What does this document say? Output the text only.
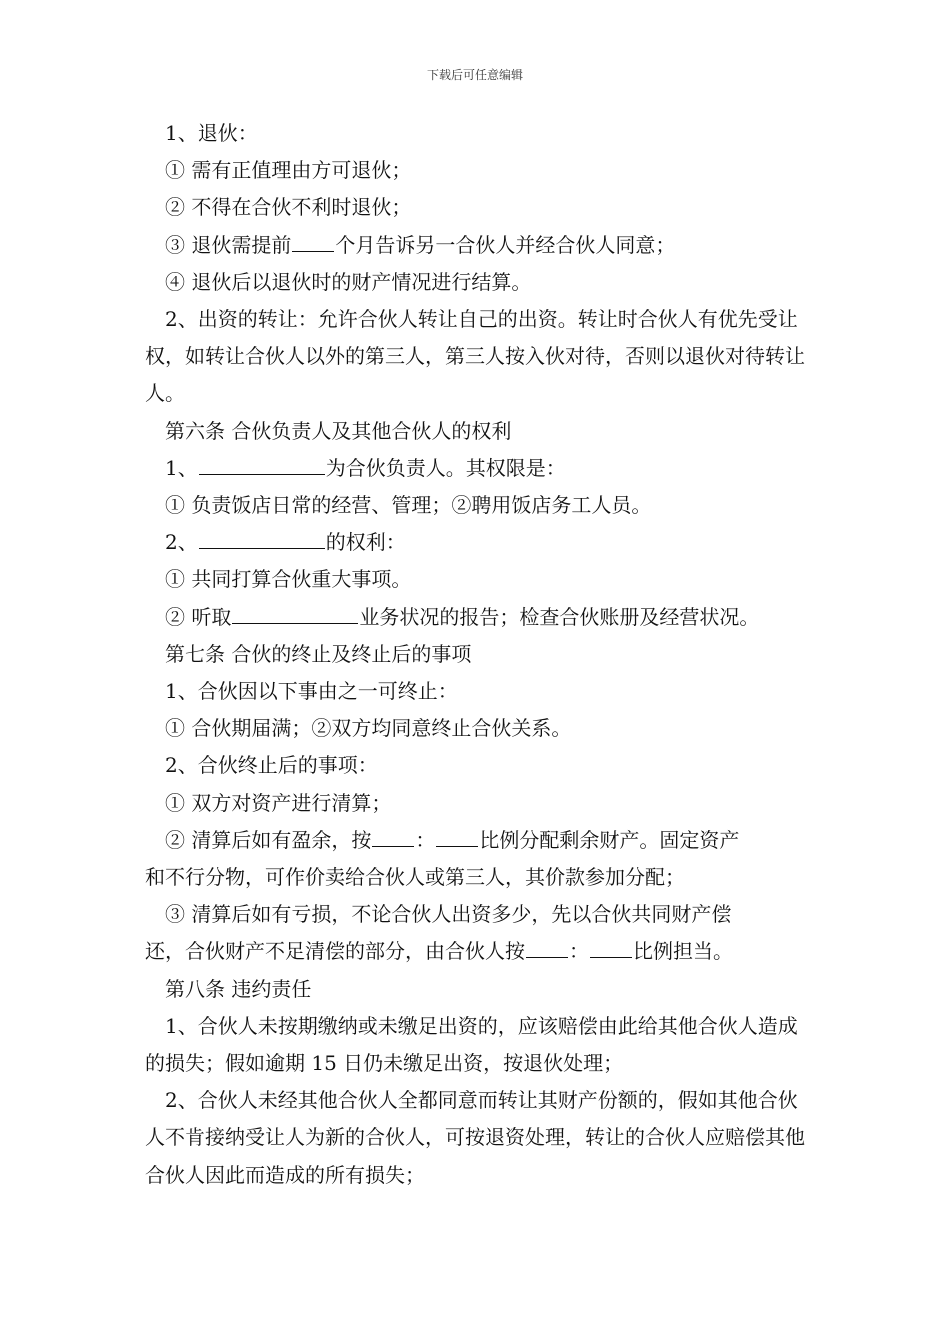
下载后可任意编辑

1、退伙：

① 需有正值理由方可退伙；

② 不得在合伙不利时退伙；

③ 退伙需提前 个月告诉另一合伙人并经合伙人同意；

④ 退伙后以退伙时的财产情况进行结算。

2、出资的转让：允许合伙人转让自己的出资。转让时合伙人有优先受让权，如转让合伙人以外的第三人，第三人按入伙对待，否则以退伙对待转让人。

第六条 合伙负责人及其他合伙人的权利

1、	为合伙负责人。其权限是：

① 负责饭店日常的经营、管理；②聘用饭店务工人员。

2、	的权利：

① 共同打算合伙重大事项。

② 听取	业务状况的报告；检查合伙账册及经营状况。

第七条 合伙的终止及终止后的事项

1、合伙因以下事由之一可终止：

① 合伙期届满；②双方均同意终止合伙关系。

2、合伙终止后的事项：

① 双方对资产进行清算；

② 清算后如有盈余，按 ： 比例分配剩余财产。固定资产

和不行分物，可作价卖给合伙人或第三人，其价款参加分配；

③ 清算后如有亏损，不论合伙人出资多少，先以合伙共同财产偿

还，合伙财产不足清偿的部分，由合伙人按 ： 比例担当。

第八条 违约责任

1、合伙人未按期缴纳或未缴足出资的，应该赔偿由此给其他合伙人造成的损失；假如逾期 15 日仍未缴足出资，按退伙处理；

2、合伙人未经其他合伙人全都同意而转让其财产份额的，假如其他合伙人不肯接纳受让人为新的合伙人，可按退资处理，转让的合伙人应赔偿其他合伙人因此而造成的所有损失；
